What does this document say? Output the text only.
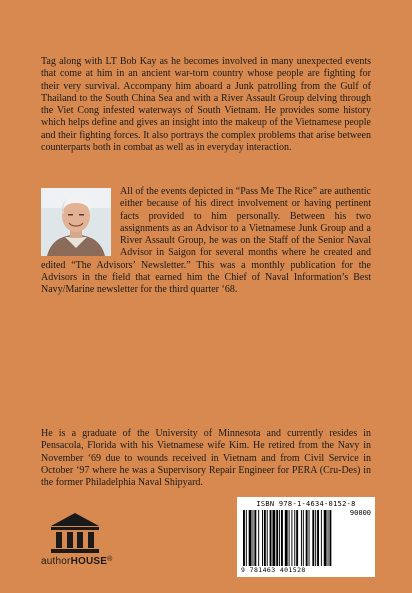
Tag along with LT Bob Kay as he becomes involved in many unexpected events that come at him in an ancient war-torn country whose people are fighting for their very survival. Accompany him aboard a Junk patrolling from the Gulf of Thailand to the South China Sea and with a River Assault Group delving through the Viet Cong infested waterways of South Vietnam. He provides some history which helps define and gives an insight into the makeup of the Vietnamese people and their fighting forces. It also portrays the complex problems that arise between counterparts both in combat as well as in everyday interaction.

All of the events depicted in “Pass Me The Rice” are authentic either because of his direct involvement or having pertinent facts provided to him personally. Between his two assignments as an Advisor to a Vietnamese Junk Group and a River Assault Group, he was on the Staff of the Senior Naval Advisor in Saigon for several months where he created and edited “The Advisors’ Newsletter.” This was a monthly publication for the Advisors in the field that earned him the Chief of Naval Information’s Best Navy/Marine newsletter for the third quarter ‘68.

He is a graduate of the University of Minnesota and currently resides in Pensacola, Florida with his Vietnamese wife Kim. He retired from the Navy in November ‘69 due to wounds received in Vietnam and from Civil Service in October ‘97 where he was a Supervisory Repair Engineer for PERA (Cru-Des) in the former Philadelphia Naval Shipyard.

authorHOUSE®
ISBN 978-1-4634-0152-8
90000
9 781463 401528
